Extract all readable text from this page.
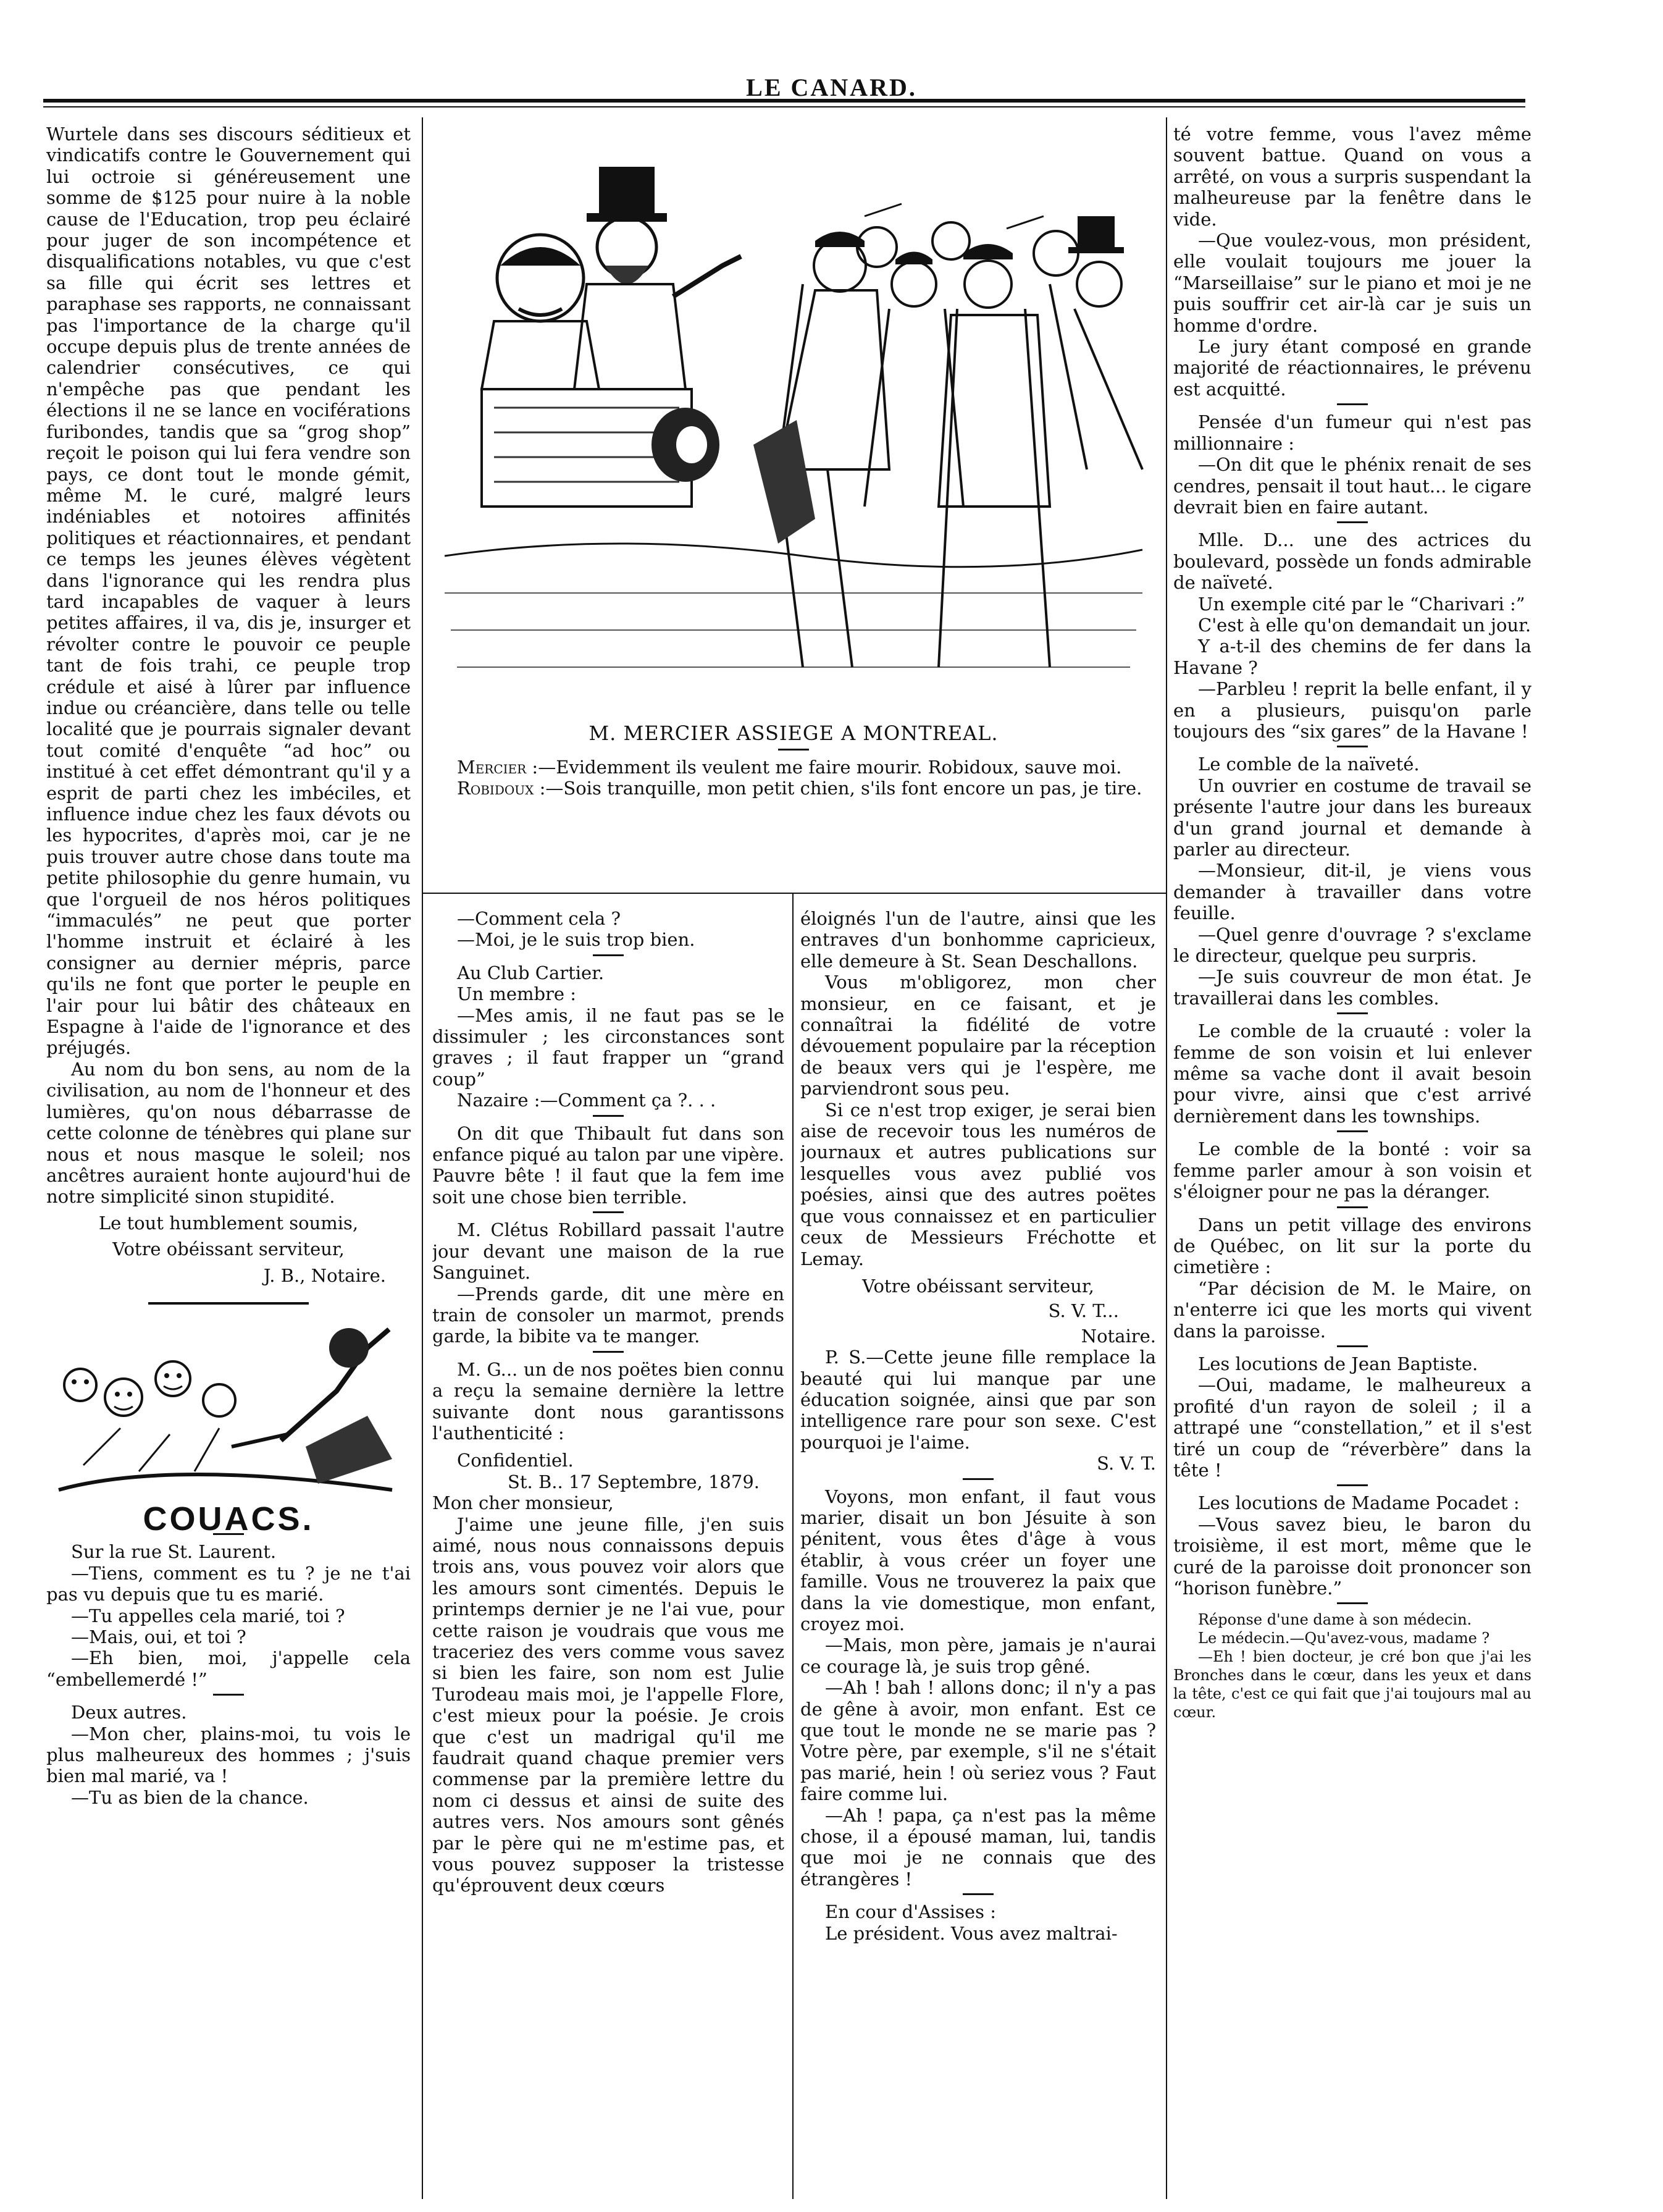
LE CANARD.

Wurtele dans ses discours séditieux et vindicatifs contre le Gouvernement qui lui octroie si généreusement une somme de $125 pour nuire à la noble cause de l'Education, trop peu éclairé pour juger de son incompétence et disqualifications notables, vu que c'est sa fille qui écrit ses lettres et paraphase ses rapports, ne connaissant pas l'importance de la charge qu'il occupe depuis plus de trente années de calendrier consécutives, ce qui n'empêche pas que pendant les élections il ne se lance en vociférations furibondes, tandis que sa “grog shop” reçoit le poison qui lui fera vendre son pays, ce dont tout le monde gémit, même M. le curé, malgré leurs indéniables et notoires affinités politiques et réactionnaires, et pendant ce temps les jeunes élèves végètent dans l'ignorance qui les rendra plus tard incapables de vaquer à leurs petites affaires, il va, dis je, insurger et révolter contre le pouvoir ce peuple tant de fois trahi, ce peuple trop crédule et aisé à lûrer par influence indue ou créancière, dans telle ou telle localité que je pourrais signaler devant tout comité d'enquête “ad hoc” ou institué à cet effet démontrant qu'il y a esprit de parti chez les imbéciles, et influence indue chez les faux dévots ou les hypocrites, d'après moi, car je ne puis trouver autre chose dans toute ma petite philosophie du genre humain, vu que l'orgueil de nos héros politiques “immaculés” ne peut que porter l'homme instruit et éclairé à les consigner au dernier mépris, parce qu'ils ne font que porter le peuple en l'air pour lui bâtir des châteaux en Espagne à l'aide de l'ignorance et des préjugés.

Au nom du bon sens, au nom de la civilisation, au nom de l'honneur et des lumières, qu'on nous débarrasse de cette colonne de ténèbres qui plane sur nous et nous masque le soleil; nos ancêtres auraient honte aujourd'hui de notre simplicité sinon stupidité.

Le tout humblement soumis,

Votre obéissant serviteur,

J. B., Notaire.

COUACS.

Sur la rue St. Laurent.

—Tiens, comment es tu ? je ne t'ai pas vu depuis que tu es marié.

—Tu appelles cela marié, toi ?

—Mais, oui, et toi ?

—Eh bien, moi, j'appelle cela “embellemerdé !”

Deux autres.

—Mon cher, plains-moi, tu vois le plus malheureux des hommes ; j'suis bien mal marié, va !

—Tu as bien de la chance.

M. MERCIER ASSIEGE A MONTREAL.

Mercier :—Evidemment ils veulent me faire mourir. Robidoux, sauve moi.

Robidoux :—Sois tranquille, mon petit chien, s'ils font encore un pas, je tire.

—Comment cela ?

—Moi, je le suis trop bien.

Au Club Cartier.

Un membre :

—Mes amis, il ne faut pas se le dissimuler ; les circonstances sont graves ; il faut frapper un “grand coup”

Nazaire :—Comment ça ?. . .

On dit que Thibault fut dans son enfance piqué au talon par une vipère. Pauvre bête ! il faut que la fem ime soit une chose bien terrible.

M. Clétus Robillard passait l'autre jour devant une maison de la rue Sanguinet.

—Prends garde, dit une mère en train de consoler un marmot, prends garde, la bibite va te manger.

M. G... un de nos poëtes bien connu a reçu la semaine dernière la lettre suivante dont nous garantissons l'authenticité :

Confidentiel.

St. B.. 17 Septembre, 1879.

Mon cher monsieur,

J'aime une jeune fille, j'en suis aimé, nous nous connaissons depuis trois ans, vous pouvez voir alors que les amours sont cimentés. Depuis le printemps dernier je ne l'ai vue, pour cette raison je voudrais que vous me traceriez des vers comme vous savez si bien les faire, son nom est Julie Turodeau mais moi, je l'appelle Flore, c'est mieux pour la poésie. Je crois que c'est un madrigal qu'il me faudrait quand chaque premier vers commense par la première lettre du nom ci dessus et ainsi de suite des autres vers. Nos amours sont gênés par le père qui ne m'estime pas, et vous pouvez supposer la tristesse qu'éprouvent deux cœurs

éloignés l'un de l'autre, ainsi que les entraves d'un bonhomme capricieux, elle demeure à St. Sean Deschallons.

Vous m'obligorez, mon cher monsieur, en ce faisant, et je connaîtrai la fidélité de votre dévouement populaire par la réception de beaux vers qui je l'espère, me parviendront sous peu.

Si ce n'est trop exiger, je serai bien aise de recevoir tous les numéros de journaux et autres publications sur lesquelles vous avez publié vos poésies, ainsi que des autres poëtes que vous connaissez et en particulier ceux de Messieurs Fréchotte et Lemay.

Votre obéissant serviteur,

S. V. T...

Notaire.

P. S.—Cette jeune fille remplace la beauté qui lui manque par une éducation soignée, ainsi que par son intelligence rare pour son sexe. C'est pourquoi je l'aime.

S. V. T.

Voyons, mon enfant, il faut vous marier, disait un bon Jésuite à son pénitent, vous êtes d'âge à vous établir, à vous créer un foyer une famille. Vous ne trouverez la paix que dans la vie domestique, mon enfant, croyez moi.

—Mais, mon père, jamais je n'aurai ce courage là, je suis trop gêné.

—Ah ! bah ! allons donc; il n'y a pas de gêne à avoir, mon enfant. Est ce que tout le monde ne se marie pas ? Votre père, par exemple, s'il ne s'était pas marié, hein ! où seriez vous ? Faut faire comme lui.

—Ah ! papa, ça n'est pas la même chose, il a épousé maman, lui, tandis que moi je ne connais que des étrangères !

En cour d'Assises :

Le président. Vous avez maltrai-

té votre femme, vous l'avez même souvent battue. Quand on vous a arrêté, on vous a surpris suspendant la malheureuse par la fenêtre dans le vide.

—Que voulez-vous, mon président, elle voulait toujours me jouer la “Marseillaise” sur le piano et moi je ne puis souffrir cet air-là car je suis un homme d'ordre.

Le jury étant composé en grande majorité de réactionnaires, le prévenu est acquitté.

Pensée d'un fumeur qui n'est pas millionnaire :

—On dit que le phénix renait de ses cendres, pensait il tout haut... le cigare devrait bien en faire autant.

Mlle. D... une des actrices du boulevard, possède un fonds admirable de naïveté.

Un exemple cité par le “Charivari :”

C'est à elle qu'on demandait un jour.

Y a-t-il des chemins de fer dans la Havane ?

—Parbleu ! reprit la belle enfant, il y en a plusieurs, puisqu'on parle toujours des “six gares” de la Havane !

Le comble de la naïveté.

Un ouvrier en costume de travail se présente l'autre jour dans les bureaux d'un grand journal et demande à parler au directeur.

—Monsieur, dit-il, je viens vous demander à travailler dans votre feuille.

—Quel genre d'ouvrage ? s'exclame le directeur, quelque peu surpris.

—Je suis couvreur de mon état. Je travaillerai dans les combles.

Le comble de la cruauté : voler la femme de son voisin et lui enlever même sa vache dont il avait besoin pour vivre, ainsi que c'est arrivé dernièrement dans les townships.

Le comble de la bonté : voir sa femme parler amour à son voisin et s'éloigner pour ne pas la déranger.

Dans un petit village des environs de Québec, on lit sur la porte du cimetière :

“Par décision de M. le Maire, on n'enterre ici que les morts qui vivent dans la paroisse.

Les locutions de Jean Baptiste.

—Oui, madame, le malheureux a profité d'un rayon de soleil ; il a attrapé une “constellation,” et il s'est tiré un coup de “réverbère” dans la tête !

Les locutions de Madame Pocadet :

—Vous savez bieu, le baron du troisième, il est mort, même que le curé de la paroisse doit prononcer son “horison funèbre.”

Réponse d'une dame à son médecin.

Le médecin.—Qu'avez-vous, madame ?

—Eh ! bien docteur, je cré bon que j'ai les Bronches dans le cœur, dans les yeux et dans la tête, c'est ce qui fait que j'ai toujours mal au cœur.
